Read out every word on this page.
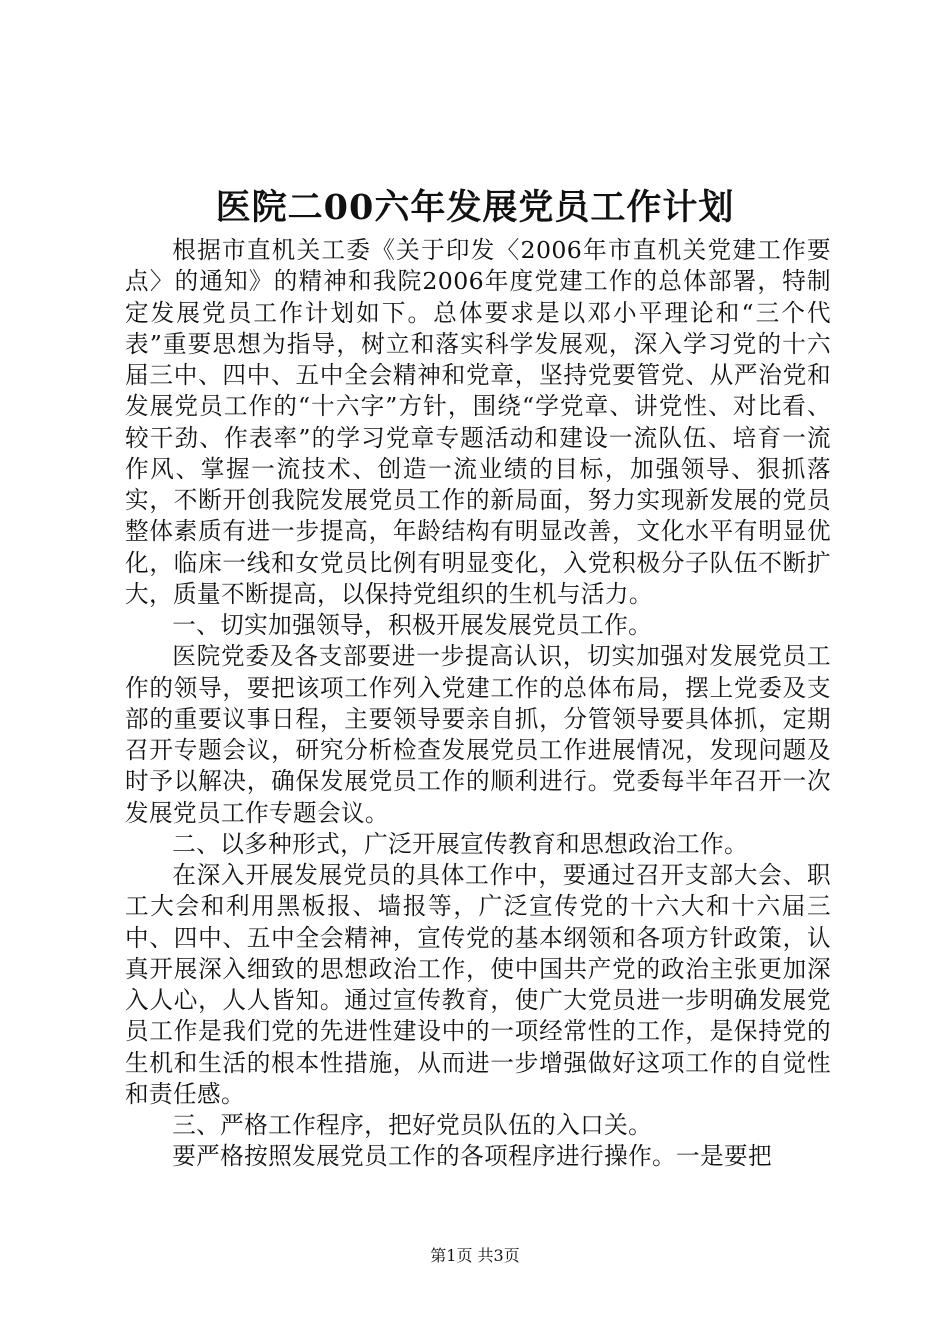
医院二00六年发展党员工作计划

根据市直机关工委《关于印发〈2006年市直机关党建工作要点〉的通知》的精神和我院2006年度党建工作的总体部署，特制定发展党员工作计划如下。总体要求是以邓小平理论和“三个代表”重要思想为指导，树立和落实科学发展观，深入学习党的十六届三中、四中、五中全会精神和党章，坚持党要管党、从严治党和发展党员工作的“十六字”方针，围绕“学党章、讲党性、对比看、较干劲、作表率”的学习党章专题活动和建设一流队伍、培育一流作风、掌握一流技术、创造一流业绩的目标，加强领导、狠抓落实，不断开创我院发展党员工作的新局面，努力实现新发展的党员整体素质有进一步提高，年龄结构有明显改善，文化水平有明显优化，临床一线和女党员比例有明显变化，入党积极分子队伍不断扩大，质量不断提高，以保持党组织的生机与活力。

一、切实加强领导，积极开展发展党员工作。

医院党委及各支部要进一步提高认识，切实加强对发展党员工作的领导，要把该项工作列入党建工作的总体布局，摆上党委及支部的重要议事日程，主要领导要亲自抓，分管领导要具体抓，定期召开专题会议，研究分析检查发展党员工作进展情况，发现问题及时予以解决，确保发展党员工作的顺利进行。党委每半年召开一次发展党员工作专题会议。

二、以多种形式，广泛开展宣传教育和思想政治工作。

在深入开展发展党员的具体工作中，要通过召开支部大会、职工大会和利用黑板报、墙报等，广泛宣传党的十六大和十六届三中、四中、五中全会精神，宣传党的基本纲领和各项方针政策，认真开展深入细致的思想政治工作，使中国共产党的政治主张更加深入人心，人人皆知。通过宣传教育，使广大党员进一步明确发展党员工作是我们党的先进性建设中的一项经常性的工作，是保持党的生机和生活的根本性措施，从而进一步增强做好这项工作的自觉性和责任感。

三、严格工作程序，把好党员队伍的入口关。

要严格按照发展党员工作的各项程序进行操作。一是要把

第1页 共3页
